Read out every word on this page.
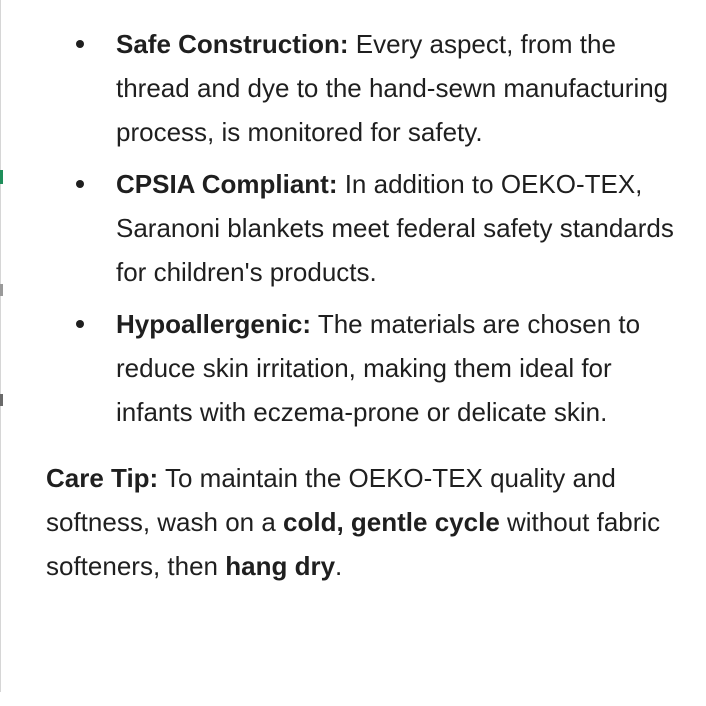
Safe Construction: Every aspect, from the thread and dye to the hand-sewn manufacturing process, is monitored for safety.
CPSIA Compliant: In addition to OEKO-TEX, Saranoni blankets meet federal safety standards for children's products.
Hypoallergenic: The materials are chosen to reduce skin irritation, making them ideal for infants with eczema-prone or delicate skin.

Care Tip: To maintain the OEKO-TEX quality and softness, wash on a cold, gentle cycle without fabric softeners, then hang dry.
